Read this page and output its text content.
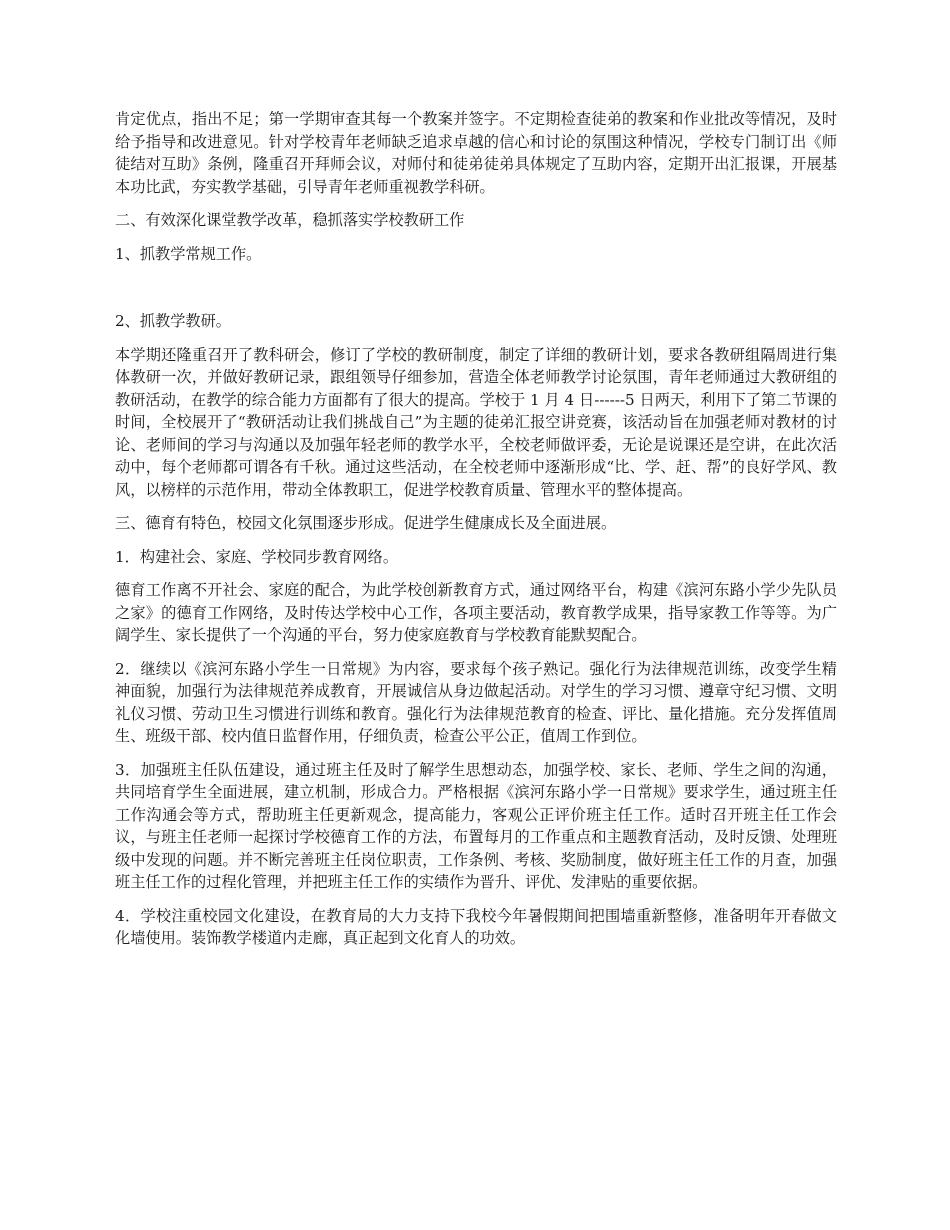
肯定优点，指出不足；第一学期审查其每一个教案并签字。不定期检查徒弟的教案和作业批改等情况，及时给予指导和改进意见。针对学校青年老师缺乏追求卓越的信心和讨论的氛围这种情况，学校专门制订出《师徒结对互助》条例，隆重召开拜师会议，对师付和徒弟徒弟具体规定了互助内容，定期开出汇报课，开展基本功比武，夯实教学基础，引导青年老师重视教学科研。

二、有效深化课堂教学改革，稳抓落实学校教研工作

1、抓教学常规工作。

2、抓教学教研。

本学期还隆重召开了教科研会，修订了学校的教研制度，制定了详细的教研计划，要求各教研组隔周进行集体教研一次，并做好教研记录，跟组领导仔细参加，营造全体老师教学讨论氛围，青年老师通过大教研组的教研活动，在教学的综合能力方面都有了很大的提高。学校于 1 月 4 日------5 日两天，利用下了第二节课的时间，全校展开了“教研活动让我们挑战自己”为主题的徒弟汇报空讲竞赛，该活动旨在加强老师对教材的讨论、老师间的学习与沟通以及加强年轻老师的教学水平，全校老师做评委，无论是说课还是空讲，在此次活动中，每个老师都可谓各有千秋。通过这些活动，在全校老师中逐渐形成“比、学、赶、帮”的良好学风、教风，以榜样的示范作用，带动全体教职工，促进学校教育质量、管理水平的整体提高。

三、德育有特色，校园文化氛围逐步形成。促进学生健康成长及全面进展。

1．构建社会、家庭、学校同步教育网络。

德育工作离不开社会、家庭的配合，为此学校创新教育方式，通过网络平台，构建《滨河东路小学少先队员之家》的德育工作网络，及时传达学校中心工作，各项主要活动，教育教学成果，指导家教工作等等。为广阔学生、家长提供了一个沟通的平台，努力使家庭教育与学校教育能默契配合。

2．继续以《滨河东路小学生一日常规》为内容，要求每个孩子熟记。强化行为法律规范训练，改变学生精神面貌，加强行为法律规范养成教育，开展诚信从身边做起活动。对学生的学习习惯、遵章守纪习惯、文明礼仪习惯、劳动卫生习惯进行训练和教育。强化行为法律规范教育的检查、评比、量化措施。充分发挥值周生、班级干部、校内值日监督作用，仔细负责，检查公平公正，值周工作到位。

3．加强班主任队伍建设，通过班主任及时了解学生思想动态，加强学校、家长、老师、学生之间的沟通，共同培育学生全面进展，建立机制，形成合力。严格根据《滨河东路小学一日常规》要求学生，通过班主任工作沟通会等方式，帮助班主任更新观念，提高能力，客观公正评价班主任工作。适时召开班主任工作会议，与班主任老师一起探讨学校德育工作的方法，布置每月的工作重点和主题教育活动，及时反馈、处理班级中发现的问题。并不断完善班主任岗位职责，工作条例、考核、奖励制度，做好班主任工作的月查，加强班主任工作的过程化管理，并把班主任工作的实绩作为晋升、评优、发津贴的重要依据。

4．学校注重校园文化建设，在教育局的大力支持下我校今年暑假期间把围墙重新整修，准备明年开春做文化墙使用。装饰教学楼道内走廊，真正起到文化育人的功效。
